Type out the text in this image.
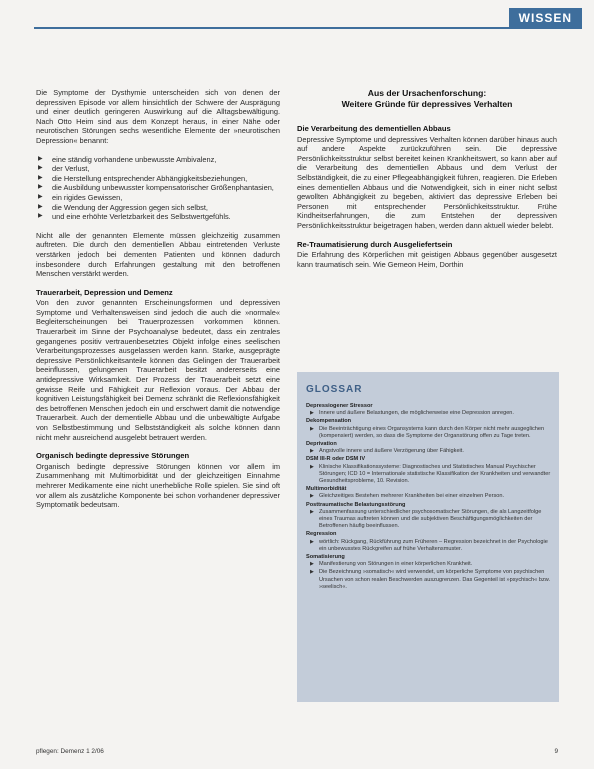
WISSEN

Die Symptome der Dysthymie unterscheiden sich von denen der depressiven Episode vor allem hinsichtlich der Schwere der Ausprägung und einer deutlich geringeren Auswirkung auf die Alltagsbewältigung. Nach Otto Heim sind aus dem Konzept heraus, in einer Nähe oder neurotischen Störungen sechs wesentliche Elemente der »neurotischen Depression« benannt:

▶ eine ständig vorhandene unbewusste Ambivalenz,
▶ der Verlust,
▶ die Herstellung entsprechender Abhängigkeitsbeziehungen,
▶ die Ausbildung unbewusster kompensatorischer Größenphantasien,
▶ ein rigides Gewissen,
▶ die Wendung der Aggression gegen sich selbst,
▶ und eine erhöhte Verletzbarkeit des Selbstwertgefühls.

Nicht alle der genannten Elemente müssen gleichzeitig zusammen auftreten. Die durch den dementiellen Abbau eintretenden Verluste verstärken jedoch bei dementen Patienten und können dadurch insbesondere durch Erfahrungen gestaltung mit den betroffenen Menschen verstärkt werden.

Trauerarbeit, Depression und Demenz

Von den zuvor genannten Erscheinungsformen und depressiven Symptome und Verhaltensweisen sind jedoch die auch die »normale« Begleiterscheinungen bei Trauerprozessen vorkommen können. Trauerarbeit im Sinne der Psychoanalyse bedeutet, dass ein zentrales gegangenes positiv vertrauenbesetztes Objekt infolge eines seelischen Verarbeitungsprozesses ausgelassen werden kann. Starke, ausgeprägte depressive Persönlichkeitsanteile können das Gelingen der Trauerarbeit beeinflussen, gelungenen Trauerarbeit besitzt andererseits eine antidepressive Wirksamkeit. Der Prozess der Trauerarbeit setzt eine gewisse Reife und Fähigkeit zur Reflexion voraus. Der Abbau der kognitiven Leistungsfähigkeit bei Demenz schränkt die Reflexionsfähigkeit des betroffenen Menschen jedoch ein und erschwert damit die notwendige Trauerarbeit. Auch der dementielle Abbau und die unbewältigte Aufgabe von Selbstbestimmung und Selbstständigkeit als solche können dann nicht mehr ausreichend ausgelebt betrauert werden.

Organisch bedingte depressive Störungen

Organisch bedingte depressive Störungen können vor allem im Zusammenhang mit Multimorbidität und der gleichzeitigen Einnahme mehrerer Medikamente eine nicht unerhebliche Rolle spielen. Sie sind oft vor allem als zusätzliche Komponente bei schon vorhandener depressiver Symptomatik bedeutsam.

Aus der Ursachenforschung:
Weitere Gründe für depressives Verhalten
Die Verarbeitung des dementiellen Abbaus

Depressive Symptome und depressives Verhalten können darüber hinaus auch auf andere Aspekte zurückzuführen sein. Die depressive Persönlichkeitsstruktur selbst bereitet keinen Krankheitswert, so kann aber auf die Verarbeitung des dementiellen Abbaus und dem Verlust der Selbständigkeit, die zu einer Pflegeabhängigkeit führen, reagieren. Die Erleben eines dementiellen Abbaus und die Notwendigkeit, sich in einer nicht selbst gewollten Abhängigkeit zu begeben, aktiviert das depressive Erleben bei Personen mit entsprechender Persönlichkeitsstruktur. Frühe Kindheitserfahrungen, die zum Entstehen der depressiven Persönlichkeitsstruktur beigetragen haben, werden dann aktuell wieder belebt.

Re-Traumatisierung durch Ausgeliefertsein

Die Erfahrung des Körperlichen mit geistigen Abbaus gegenüber ausgesetzt kann traumatisch sein. Wie Gemeon Heim, Dorthin

GLOSSAR
Depressiogener Stressor
▶ Innere und äußere Belastungen, die möglicherweise eine Depression anregen.
Dekompensation
▶ Die Beeinträchtigung eines Organsystems kann durch den Körper nicht mehr ausgeglichen (kompensiert) werden, so dass die Symptome der Organstörung offen zu Tage treten.
Deprivation
▶ Angstvolle innere und äußere Verzögerung über Fähigkeit.
DSM III-R oder DSM IV
▶ Klinische Klassifikationssysteme: Diagnostisches und Statistisches Manual Psychischer Störungen; ICD 10 = Internationale statistische Klassifikation der Krankheiten und verwandter Gesundheitsprobleme, 10. Revision.
Multimorbidität
▶ Gleichzeitiges Bestehen mehrerer Krankheiten bei einer einzelnen Person.
Posttraumatische Belastungsstörung
▶ Zusammenfassung unterschiedlicher psychosomatischer Störungen, die als Langzeitfolge eines Traumas auftreten können und die subjektiven Beschäftigungsmöglichkeiten der Betroffenen häufig beeinflussen.
Regression
▶ wörtlich: Rückgang, Rückführung zum Früheren – Regression bezeichnet in der Psychologie ein unbewusstes Rückgreifen auf frühe Verhaltensmuster.
Somatisierung
▶ Manifestierung von Störungen in einer körperlichen Krankheit.
▶ Die Bezeichnung »somatisch« wird verwendet, um körperliche Symptome von psychischen Ursachen von schon realen Beschwerden auszugrenzen. Das Gegenteil ist »psychisch« bzw. »seelisch«.
pflegen: Demenz 1 2/06	9
